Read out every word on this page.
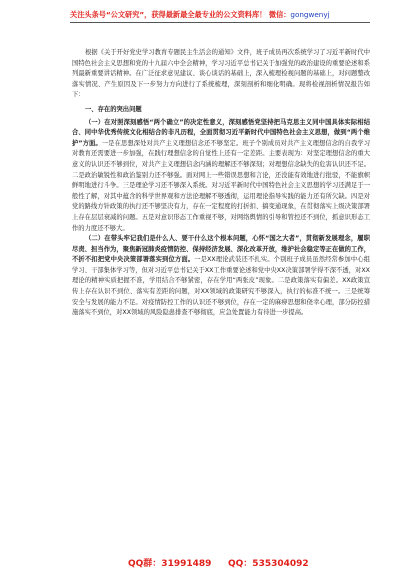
关注头条号“公文研究”，获得最新最全最专业的公文资料库！ 微信：gongwenyj

根据《关于开好党史学习教育专题民主生活会的通知》文件，班子成员再次系统学习了习近平新时代中国特色社会主义思想和党的十九届六中全会精神，学习习近平总书记关于加强党的政治建设的重要论述和系列最新重要讲话精神。在广泛征求意见建议、谈心谈话的基础上，深入梳理检视问题的基础上，对问题整改落实情况、产生原因及下一步努力方向进行了系统梳理，深刻剖析和细化明确。现将检视剖析情况报告如下：

一、存在的突出问题

（一）在对照深刻感悟“两个确立”的决定性意义，深刻感悟党坚持把马克思主义同中国具体实际相结合、同中华优秀传统文化相结合的非凡历程，全面贯彻习近平新时代中国特色社会主义思想，做到“两个维护”方面。一是在思想深处对共产主义理想信念还不够坚定。班子个别成员对共产主义理想信念的自我学习对教育还需要进一步加强，在践行理想信念的自觉性上还有一定差距。主要表现为：对坚定理想信念的重大意义的认识还不够到位，对共产主义理想信念内涵的理解还不够深刻；对理想信念缺失的危害认识还不足。二是政治敏锐性和政治鉴别力还不够强。面对网上一些错误思想和言论，还没能有效地进行批驳，不能旗帜鲜明地进行斗争。三是理论学习还不够深入系统。对习近平新时代中国特色社会主义思想的学习还满足于一般性了解，对其中蕴含的科学世界观和方法论理解不够透彻，运用理论指导实践的能力还有所欠缺。四是对党的路线方针政策的执行还不够坚决有力，存在一定程度的打折扣、搞变通现象，在贯彻落实上级决策部署上存在层层衰减的问题。五是对意识形态工作重视不够，对网络舆情的引导和管控还不到位，抓意识形态工作的力度还不够大。

（二）在带头牢记我们是什么人、要干什么这个根本问题，心怀“国之大者”，贯彻新发展理念，履职尽责、担当作为，聚焦新冠肺炎疫情防控、保持经济发展、深化改革开放，维护社会稳定等正在做的工作，不折不扣把党中央决策部署落实到位方面。一是XX理论武装还不扎实。个别班子成员虽然经常参加中心组学习、干部集体学习等，但对习近平总书记关于XX工作重要论述和党中央XX决策部署学得不深不透，对XX理论的精神实质把握不准，学用结合不够紧密，存在学用“两张皮”现象。二是政策落实有偏差。XX政策宣传上存在认识不到位、落实有差距的问题，对XX领域的政策研究不够深入，执行的标准不统一。三是统筹安全与发展的能力不足。对疫情防控工作的认识还不够到位，存在一定的麻痹思想和侥幸心理，部分防控措施落实不到位，对XX领域的风险隐患排查不够彻底，应急处置能力有待进一步提高。

QQ群：31991489 QQ：535304092
